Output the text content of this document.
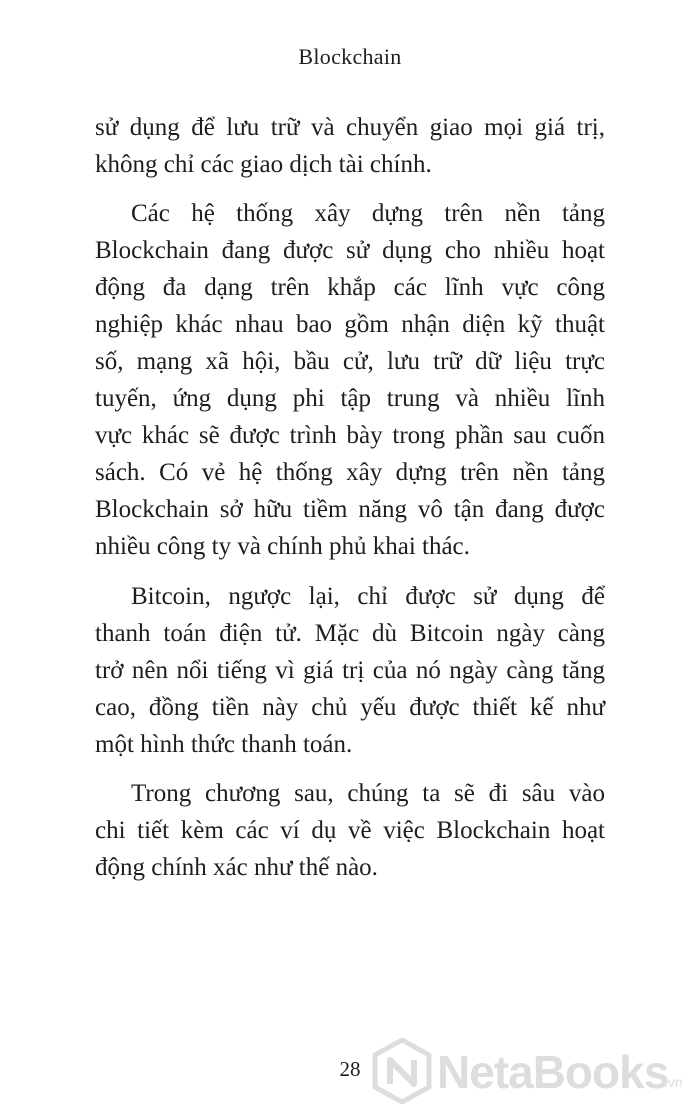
Blockchain
sử dụng để lưu trữ và chuyển giao mọi giá trị,
không chỉ các giao dịch tài chính.
Các hệ thống xây dựng trên nền tảng
Blockchain đang được sử dụng cho nhiều hoạt
động đa dạng trên khắp các lĩnh vực công
nghiệp khác nhau bao gồm nhận diện kỹ thuật
số, mạng xã hội, bầu cử, lưu trữ dữ liệu trực
tuyến, ứng dụng phi tập trung và nhiều lĩnh
vực khác sẽ được trình bày trong phần sau cuốn
sách. Có vẻ hệ thống xây dựng trên nền tảng
Blockchain sở hữu tiềm năng vô tận đang được
nhiều công ty và chính phủ khai thác.
Bitcoin, ngược lại, chỉ được sử dụng để
thanh toán điện tử. Mặc dù Bitcoin ngày càng
trở nên nổi tiếng vì giá trị của nó ngày càng tăng
cao, đồng tiền này chủ yếu được thiết kế như
một hình thức thanh toán.
Trong chương sau, chúng ta sẽ đi sâu vào
chi tiết kèm các ví dụ về việc Blockchain hoạt
động chính xác như thế nào.
28	NetaBooks
.vn
